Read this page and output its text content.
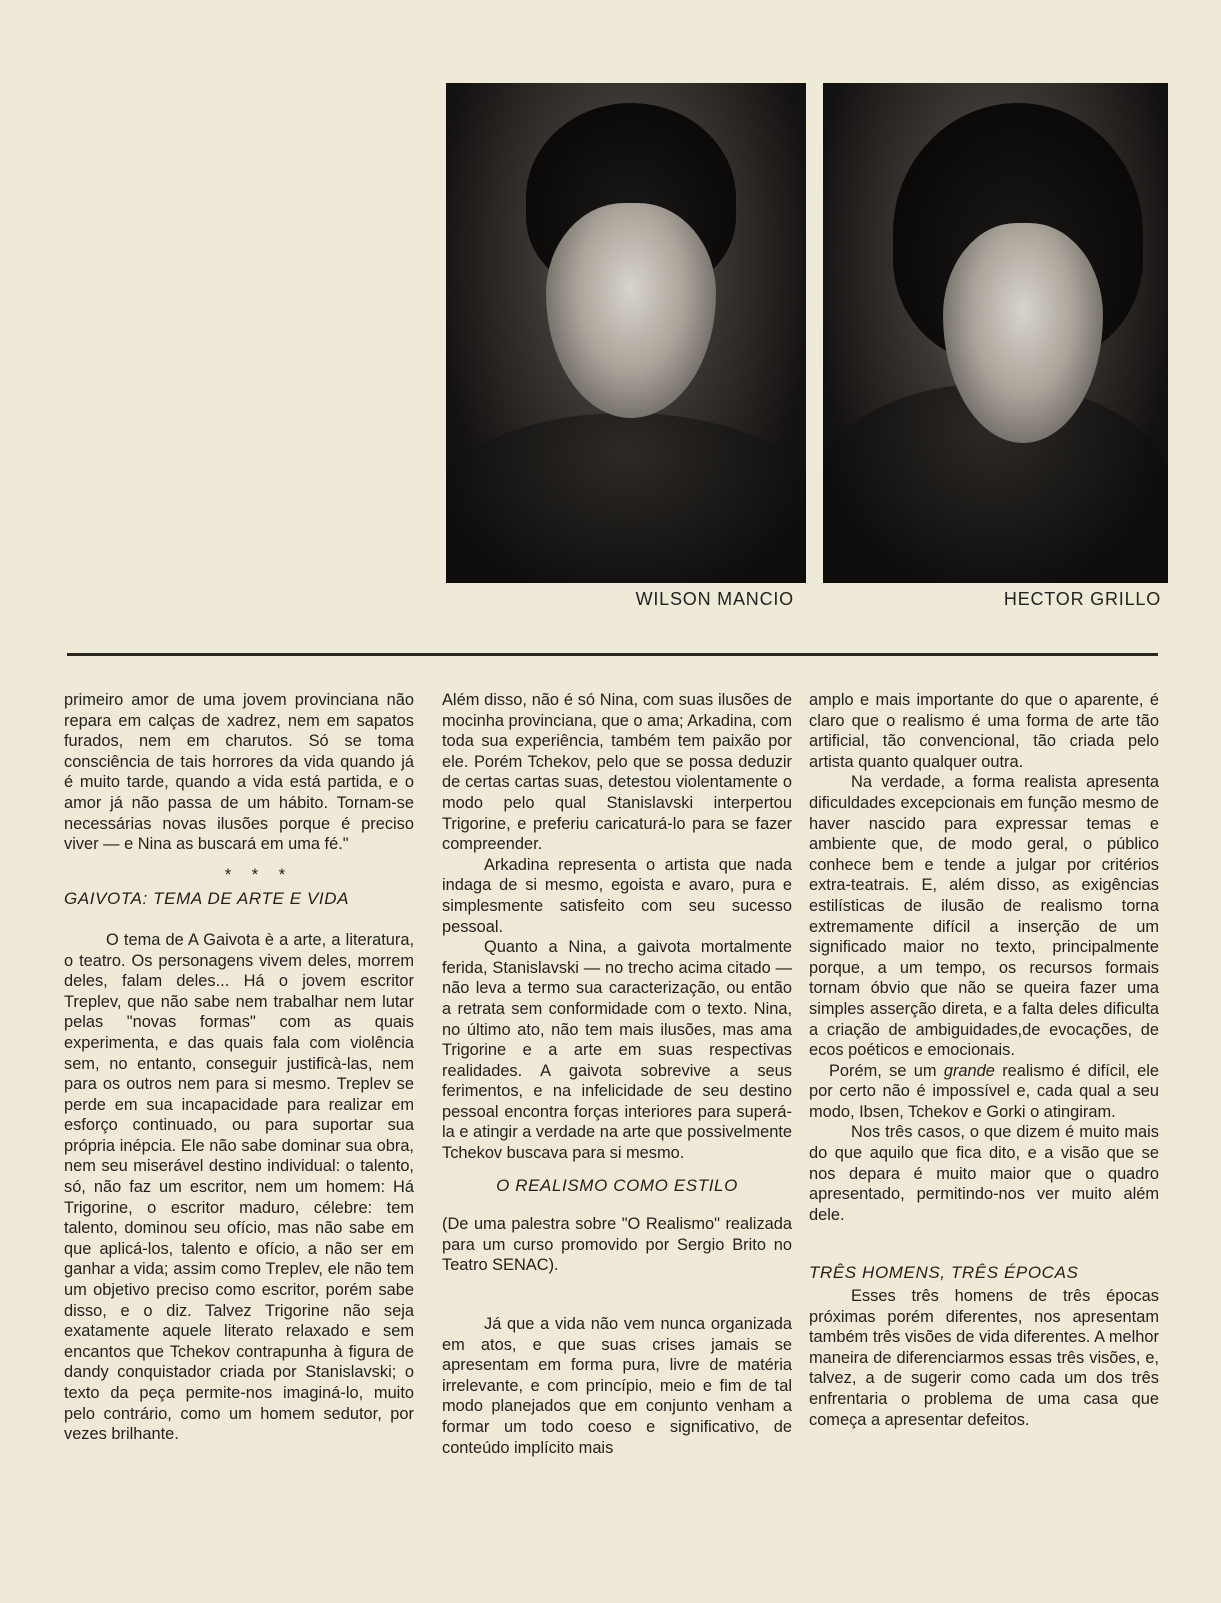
WILSON MANCIO	HECTOR GRILLO

primeiro amor de uma jovem provinciana não repara em calças de xadrez, nem em sapatos furados, nem em charutos. Só se toma consciência de tais horrores da vida quando já é muito tarde, quando a vida está partida, e o amor já não passa de um hábito. Tornam-se necessárias novas ilusões porque é preciso viver — e Nina as buscará em uma fé."

* * *
GAIVOTA: TEMA DE ARTE E VIDA

O tema de A Gaivota è a arte, a literatura, o teatro. Os personagens vivem deles, morrem deles, falam deles... Há o jovem escritor Treplev, que não sabe nem trabalhar nem lutar pelas "novas formas" com as quais experimenta, e das quais fala com violência sem, no entanto, conseguir justificà-las, nem para os outros nem para si mesmo. Treplev se perde em sua incapacidade para realizar em esforço continuado, ou para suportar sua própria inépcia. Ele não sabe dominar sua obra, nem seu miserável destino individual: o talento, só, não faz um escritor, nem um homem: Há Trigorine, o escritor maduro, célebre: tem talento, dominou seu ofício, mas não sabe em que aplicá-los, talento e ofício, a não ser em ganhar a vida; assim como Treplev, ele não tem um objetivo preciso como escritor, porém sabe disso, e o diz. Talvez Trigorine não seja exatamente aquele literato relaxado e sem encantos que Tchekov contrapunha à figura de dandy conquistador criada por Stanislavski; o texto da peça permite-nos imaginá-lo, muito pelo contrário, como um homem sedutor, por vezes brilhante.

Além disso, não é só Nina, com suas ilusões de mocinha provinciana, que o ama; Arkadina, com toda sua experiência, também tem paixão por ele. Porém Tchekov, pelo que se possa deduzir de certas cartas suas, detestou violentamente o modo pelo qual Stanislavski interpertou Trigorine, e preferiu caricaturá-lo para se fazer compreender.

Arkadina representa o artista que nada indaga de si mesmo, egoista e avaro, pura e simplesmente satisfeito com seu sucesso pessoal.

Quanto a Nina, a gaivota mortalmente ferida, Stanislavski — no trecho acima citado — não leva a termo sua caracterização, ou então a retrata sem conformidade com o texto. Nina, no último ato, não tem mais ilusões, mas ama Trigorine e a arte em suas respectivas realidades. A gaivota sobrevive a seus ferimentos, e na infelicidade de seu destino pessoal encontra forças interiores para superá-la e atingir a verdade na arte que possivelmente Tchekov buscava para si mesmo.

O REALISMO COMO ESTILO

(De uma palestra sobre "O Realismo" realizada para um curso promovido por Sergio Brito no Teatro SENAC).

Já que a vida não vem nunca organizada em atos, e que suas crises jamais se apresentam em forma pura, livre de matéria irrelevante, e com princípio, meio e fim de tal modo planejados que em conjunto venham a formar um todo coeso e significativo, de conteúdo implícito mais

amplo e mais importante do que o aparente, é claro que o realismo é uma forma de arte tão artificial, tão convencional, tão criada pelo artista quanto qualquer outra.

Na verdade, a forma realista apresenta dificuldades excepcionais em função mesmo de haver nascido para expressar temas e ambiente que, de modo geral, o público conhece bem e tende a julgar por critérios extra-teatrais. E, além disso, as exigências estilísticas de ilusão de realismo torna extremamente difícil a inserção de um significado maior no texto, principalmente porque, a um tempo, os recursos formais tornam óbvio que não se queira fazer uma simples asserção direta, e a falta deles dificulta a criação de ambiguidades,de evocações, de ecos poéticos e emocionais.

Porém, se um grande realismo é difícil, ele por certo não é impossível e, cada qual a seu modo, Ibsen, Tchekov e Gorki o atingiram.

Nos três casos, o que dizem é muito mais do que aquilo que fica dito, e a visão que se nos depara é muito maior que o quadro apresentado, permitindo-nos ver muito além dele.

TRÊS HOMENS, TRÊS ÉPOCAS

Esses três homens de três épocas próximas porém diferentes, nos apresentam também três visões de vida diferentes. A melhor maneira de diferenciarmos essas três visões, e, talvez, a de sugerir como cada um dos três enfrentaria o problema de uma casa que começa a apresentar defeitos.
